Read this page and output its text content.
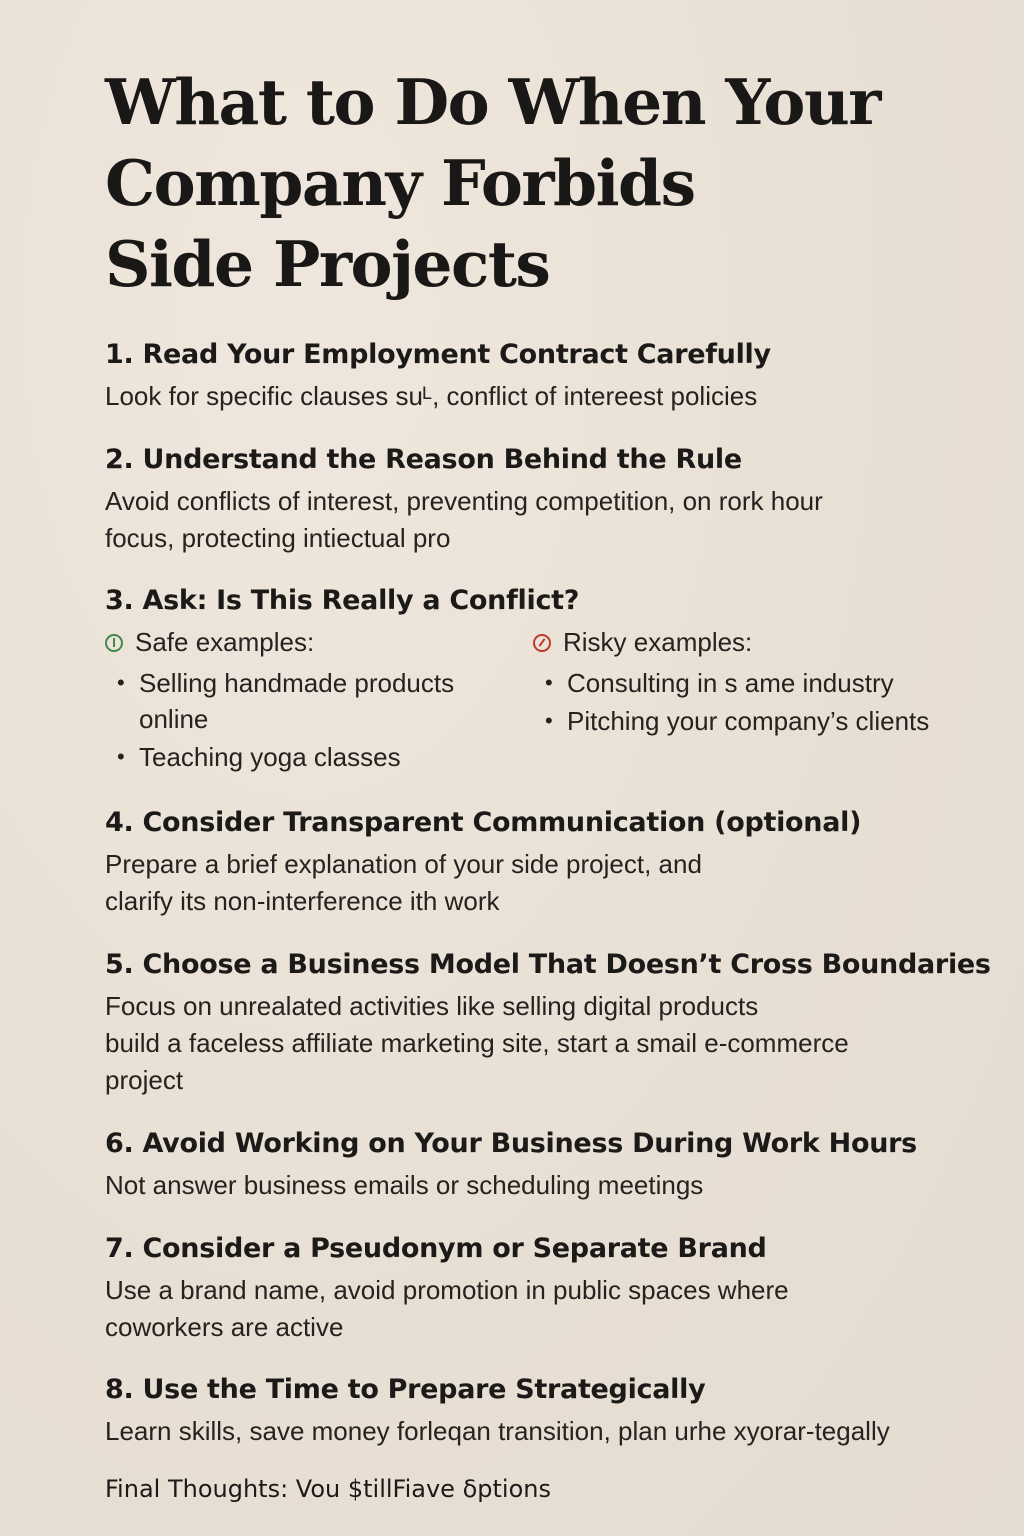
What to Do When Your
Company Forbids
Side Projects
1. Read Your Employment Contract Carefully

Look for specific clauses suᴸ, conflict of intereest policies

2. Understand the Reason Behind the Rule

Avoid conflicts of interest, preventing competition, on rork hour
focus, protecting intiectual pro

3. Ask: Is This Really a Conflict?
Safe examples:
• Selling handmade products online
• Teaching yoga classes
Risky examples:
• Consulting in s ame industry
• Pitching your company’s clients
4. Consider Transparent Communication (optional)

Prepare a brief explanation of your side project, and
clarify its non-interference ith work

5. Choose a Business Model That Doesn’t Cross Boundaries

Focus on unrealated activities like selling digital products
build a faceless affiliate marketing site, start a smail e-commerce
project

6. Avoid Working on Your Business During Work Hours

Not answer business emails or scheduling meetings

7. Consider a Pseudonym or Separate Brand

Use a brand name, avoid promotion in public spaces where
coworkers are active

8. Use the Time to Prepare Strategically

Learn skills, save money forleqan transition, plan urhe xyorar-tegally

Final Thoughts: Vou $tillFiave δptions
